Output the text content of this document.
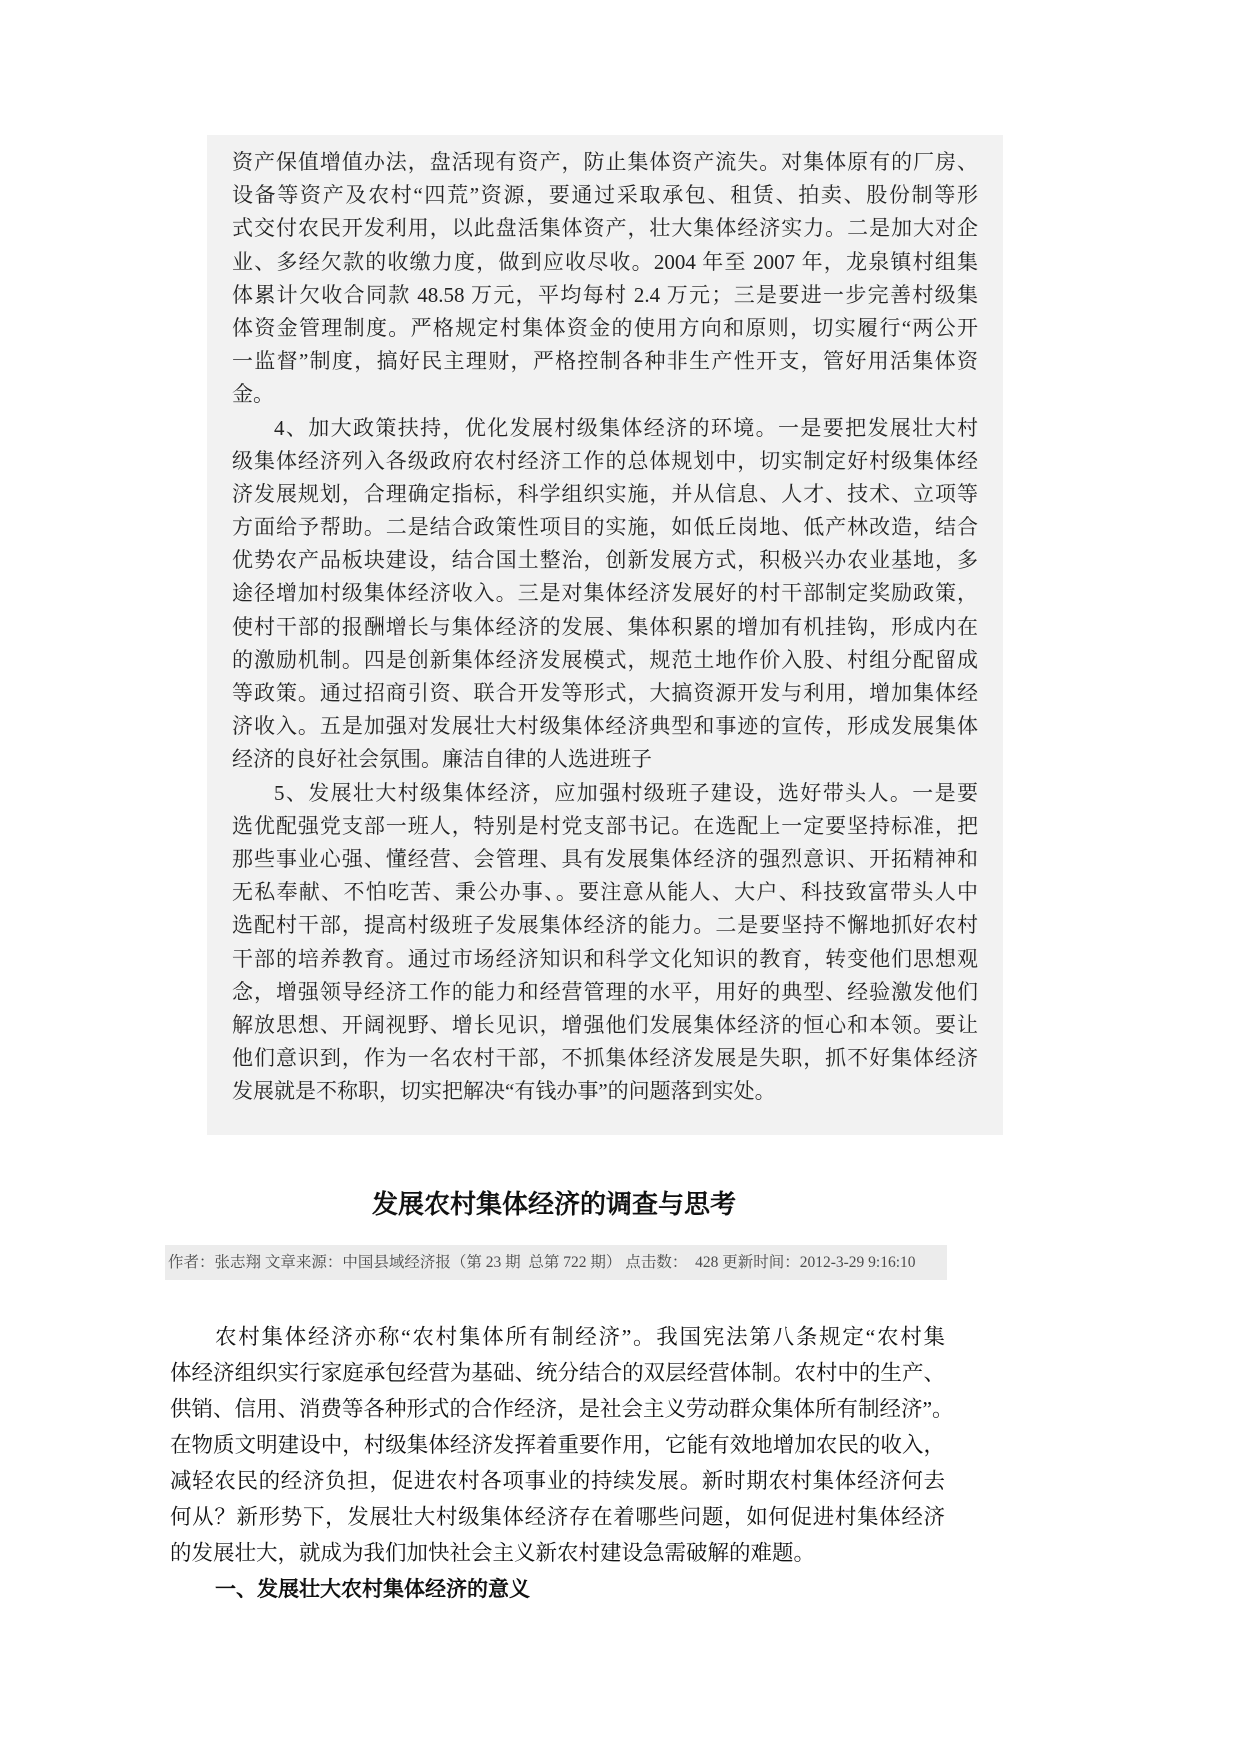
资产保值增值办法，盘活现有资产，防止集体资产流失。对集体原有的厂房、
设备等资产及农村“四荒”资源，要通过采取承包、租赁、拍卖、股份制等形
式交付农民开发利用，以此盘活集体资产，壮大集体经济实力。二是加大对企
业、多经欠款的收缴力度，做到应收尽收。2004 年至 2007 年，龙泉镇村组集
体累计欠收合同款 48.58 万元，平均每村 2.4 万元；三是要进一步完善村级集
体资金管理制度。严格规定村集体资金的使用方向和原则，切实履行“两公开
一监督”制度，搞好民主理财，严格控制各种非生产性开支，管好用活集体资
金。
4、加大政策扶持，优化发展村级集体经济的环境。一是要把发展壮大村
级集体经济列入各级政府农村经济工作的总体规划中，切实制定好村级集体经
济发展规划，合理确定指标，科学组织实施，并从信息、人才、技术、立项等
方面给予帮助。二是结合政策性项目的实施，如低丘岗地、低产林改造，结合
优势农产品板块建设，结合国土整治，创新发展方式，积极兴办农业基地，多
途径增加村级集体经济收入。三是对集体经济发展好的村干部制定奖励政策，
使村干部的报酬增长与集体经济的发展、集体积累的增加有机挂钩，形成内在
的激励机制。四是创新集体经济发展模式，规范土地作价入股、村组分配留成
等政策。通过招商引资、联合开发等形式，大搞资源开发与利用，增加集体经
济收入。五是加强对发展壮大村级集体经济典型和事迹的宣传，形成发展集体
经济的良好社会氛围。廉洁自律的人选进班子
5、发展壮大村级集体经济，应加强村级班子建设，选好带头人。一是要
选优配强党支部一班人，特别是村党支部书记。在选配上一定要坚持标准，把
那些事业心强、懂经营、会管理、具有发展集体经济的强烈意识、开拓精神和
无私奉献、不怕吃苦、秉公办事、。要注意从能人、大户、科技致富带头人中
选配村干部，提高村级班子发展集体经济的能力。二是要坚持不懈地抓好农村
干部的培养教育。通过市场经济知识和科学文化知识的教育，转变他们思想观
念，增强领导经济工作的能力和经营管理的水平，用好的典型、经验激发他们
解放思想、开阔视野、增长见识，增强他们发展集体经济的恒心和本领。要让
他们意识到，作为一名农村干部，不抓集体经济发展是失职，抓不好集体经济
发展就是不称职，切实把解决“有钱办事”的问题落到实处。
发展农村集体经济的调查与思考
作者：张志翔 文章来源：中国县域经济报（第 23 期  总第 722 期） 点击数： 428 更新时间：2012-3-29 9:16:10
农村集体经济亦称“农村集体所有制经济”。我国宪法第八条规定“农村集
体经济组织实行家庭承包经营为基础、统分结合的双层经营体制。农村中的生产、
供销、信用、消费等各种形式的合作经济，是社会主义劳动群众集体所有制经济”。
在物质文明建设中，村级集体经济发挥着重要作用，它能有效地增加农民的收入，
减轻农民的经济负担，促进农村各项事业的持续发展。新时期农村集体经济何去
何从？新形势下，发展壮大村级集体经济存在着哪些问题，如何促进村集体经济
的发展壮大，就成为我们加快社会主义新农村建设急需破解的难题。
一、发展壮大农村集体经济的意义
